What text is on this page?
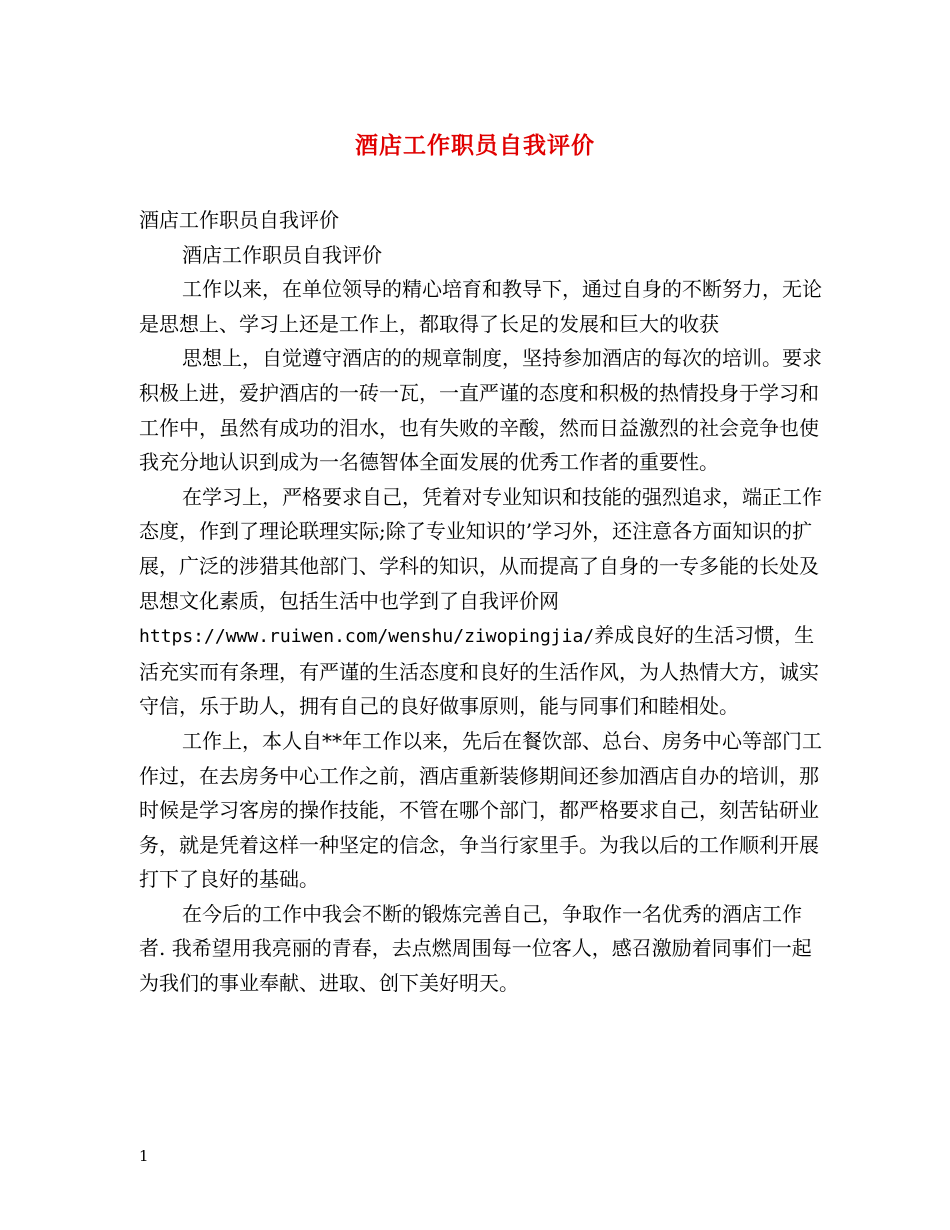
酒店工作职员自我评价

酒店工作职员自我评价

酒店工作职员自我评价

工作以来，在单位领导的精心培育和教导下，通过自身的不断努力，无论是思想上、学习上还是工作上，都取得了长足的发展和巨大的收获

思想上，自觉遵守酒店的的规章制度，坚持参加酒店的每次的培训。要求积极上进，爱护酒店的一砖一瓦，一直严谨的态度和积极的热情投身于学习和工作中，虽然有成功的泪水，也有失败的辛酸，然而日益激烈的社会竞争也使我充分地认识到成为一名德智体全面发展的优秀工作者的重要性。

在学习上，严格要求自己，凭着对专业知识和技能的强烈追求，端正工作态度，作到了理论联理实际;除了专业知识的’学习外，还注意各方面知识的扩展，广泛的涉猎其他部门、学科的知识，从而提高了自身的一专多能的长处及思想文化素质，包括生活中也学到了自我评价网 https://www.ruiwen.com/wenshu/ziwopingjia/养成良好的生活习惯，生活充实而有条理，有严谨的生活态度和良好的生活作风，为人热情大方，诚实守信，乐于助人，拥有自己的良好做事原则，能与同事们和睦相处。

工作上，本人自**年工作以来，先后在餐饮部、总台、房务中心等部门工作过，在去房务中心工作之前，酒店重新装修期间还参加酒店自办的培训，那时候是学习客房的操作技能，不管在哪个部门，都严格要求自己，刻苦钻研业务，就是凭着这样一种坚定的信念，争当行家里手。为我以后的工作顺利开展打下了良好的基础。

在今后的工作中我会不断的锻炼完善自己，争取作一名优秀的酒店工作者. 我希望用我亮丽的青春，去点燃周围每一位客人，感召激励着同事们一起为我们的事业奉献、进取、创下美好明天。

1
